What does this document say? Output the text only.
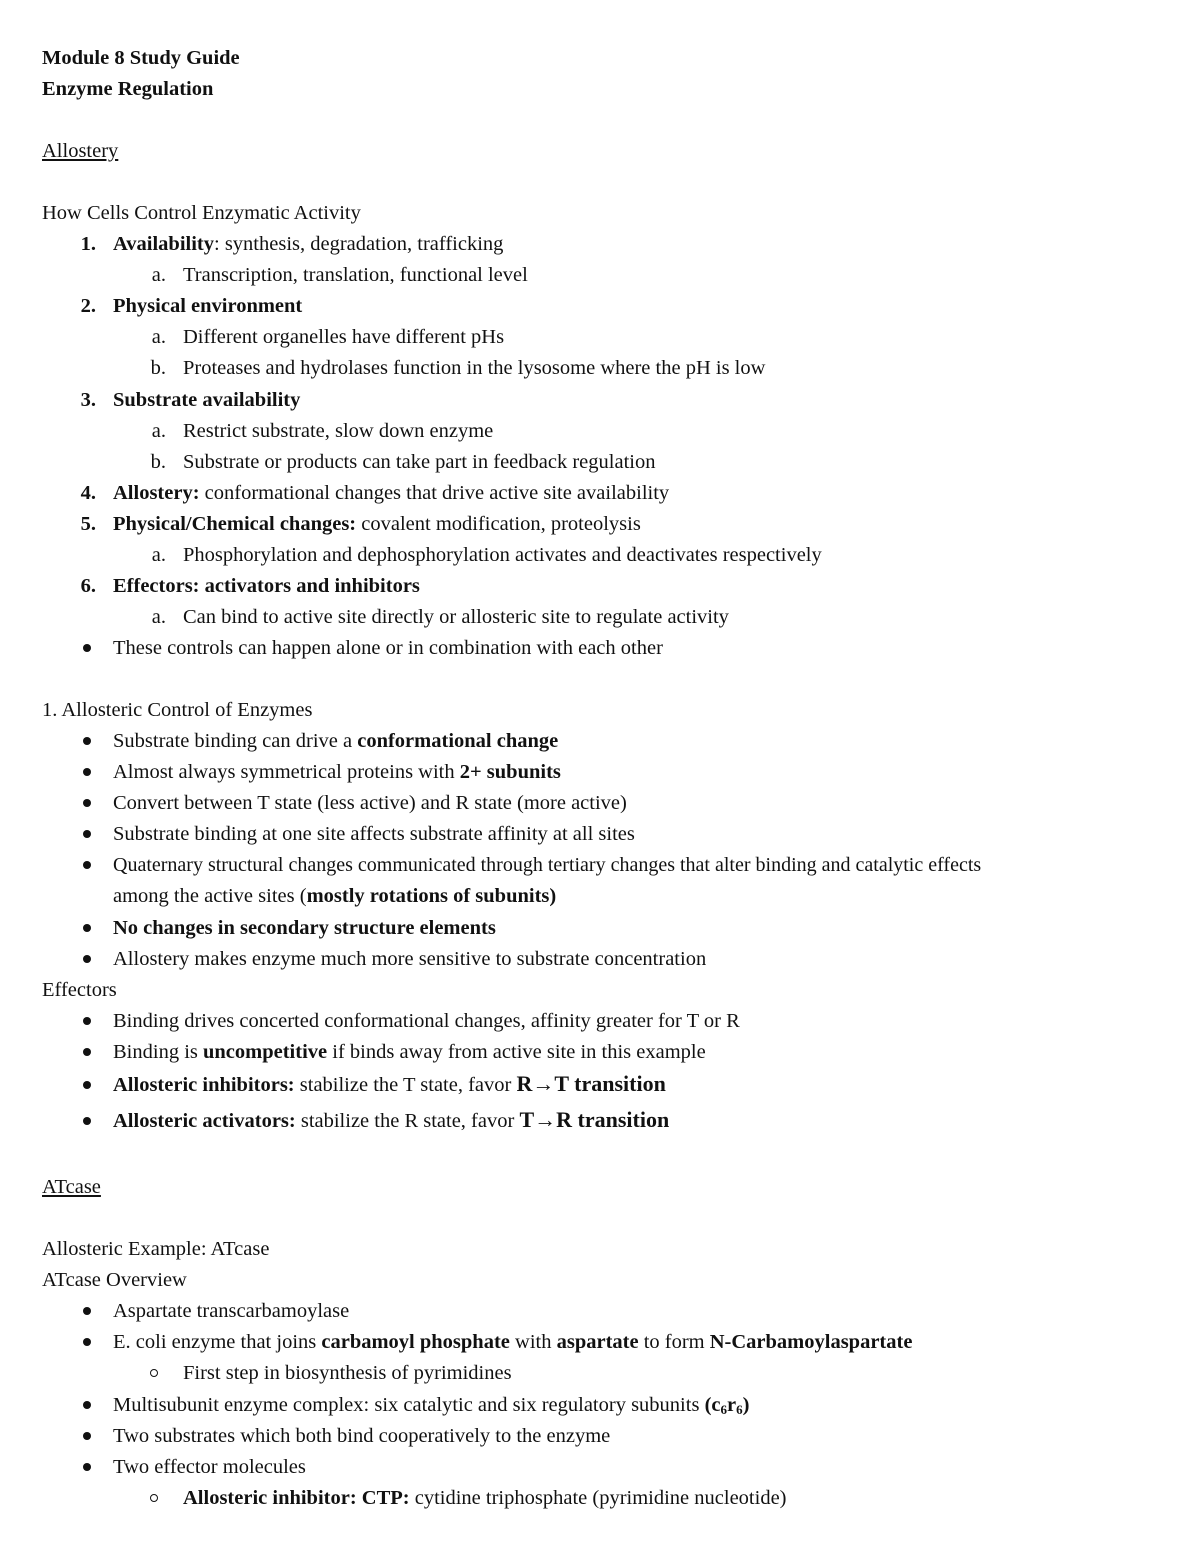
Module 8 Study Guide
Enzyme Regulation
Allostery
How Cells Control Enzymatic Activity
1. Availability: synthesis, degradation, trafficking
a. Transcription, translation, functional level
2. Physical environment
a. Different organelles have different pHs
b. Proteases and hydrolases function in the lysosome where the pH is low
3. Substrate availability
a. Restrict substrate, slow down enzyme
b. Substrate or products can take part in feedback regulation
4. Allostery: conformational changes that drive active site availability
5. Physical/Chemical changes: covalent modification, proteolysis
a. Phosphorylation and dephosphorylation activates and deactivates respectively
6. Effectors: activators and inhibitors
a. Can bind to active site directly or allosteric site to regulate activity
These controls can happen alone or in combination with each other
1. Allosteric Control of Enzymes
Substrate binding can drive a conformational change
Almost always symmetrical proteins with 2+ subunits
Convert between T state (less active) and R state (more active)
Substrate binding at one site affects substrate affinity at all sites
Quaternary structural changes communicated through tertiary changes that alter binding and catalytic effects
among the active sites (mostly rotations of subunits)
No changes in secondary structure elements
Allostery makes enzyme much more sensitive to substrate concentration
Effectors
Binding drives concerted conformational changes, affinity greater for T or R
Binding is uncompetitive if binds away from active site in this example
Allosteric inhibitors: stabilize the T state, favor R→T transition
Allosteric activators: stabilize the R state, favor T→R transition
ATcase
Allosteric Example: ATcase
ATcase Overview
Aspartate transcarbamoylase
E. coli enzyme that joins carbamoyl phosphate with aspartate to form N-Carbamoylaspartate
First step in biosynthesis of pyrimidines
Multisubunit enzyme complex: six catalytic and six regulatory subunits $(c_6r_6)$
Two substrates which both bind cooperatively to the enzyme
Two effector molecules
Allosteric inhibitor: CTP: cytidine triphosphate (pyrimidine nucleotide)
